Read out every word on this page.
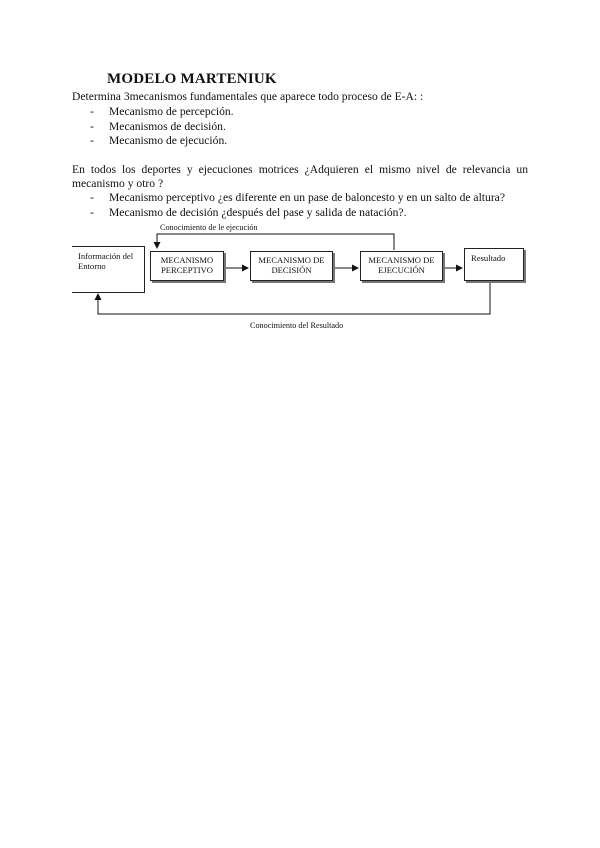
MODELO MARTENIUK
Determina 3mecanismos fundamentales que aparece todo proceso de E-A: :
- Mecanismo de percepción.
- Mecanismos de decisión.
- Mecanismo de ejecución.
En todos los deportes y ejecuciones motrices ¿Adquieren el mismo nivel de relevancia un mecanismo y otro ?
- Mecanismo perceptivo ¿es diferente en un pase de baloncesto y en un salto de altura?
- Mecanismo de decisión ¿después del pase y salida de natación?.
Información del
Entorno
MECANISMO
PERCEPTIVO
MECANISMO DE
DECISIÓN
MECANISMO DE
EJECUCIÓN
Resultado
Conocimiento de le ejecución
Conocimiento del Resultado
